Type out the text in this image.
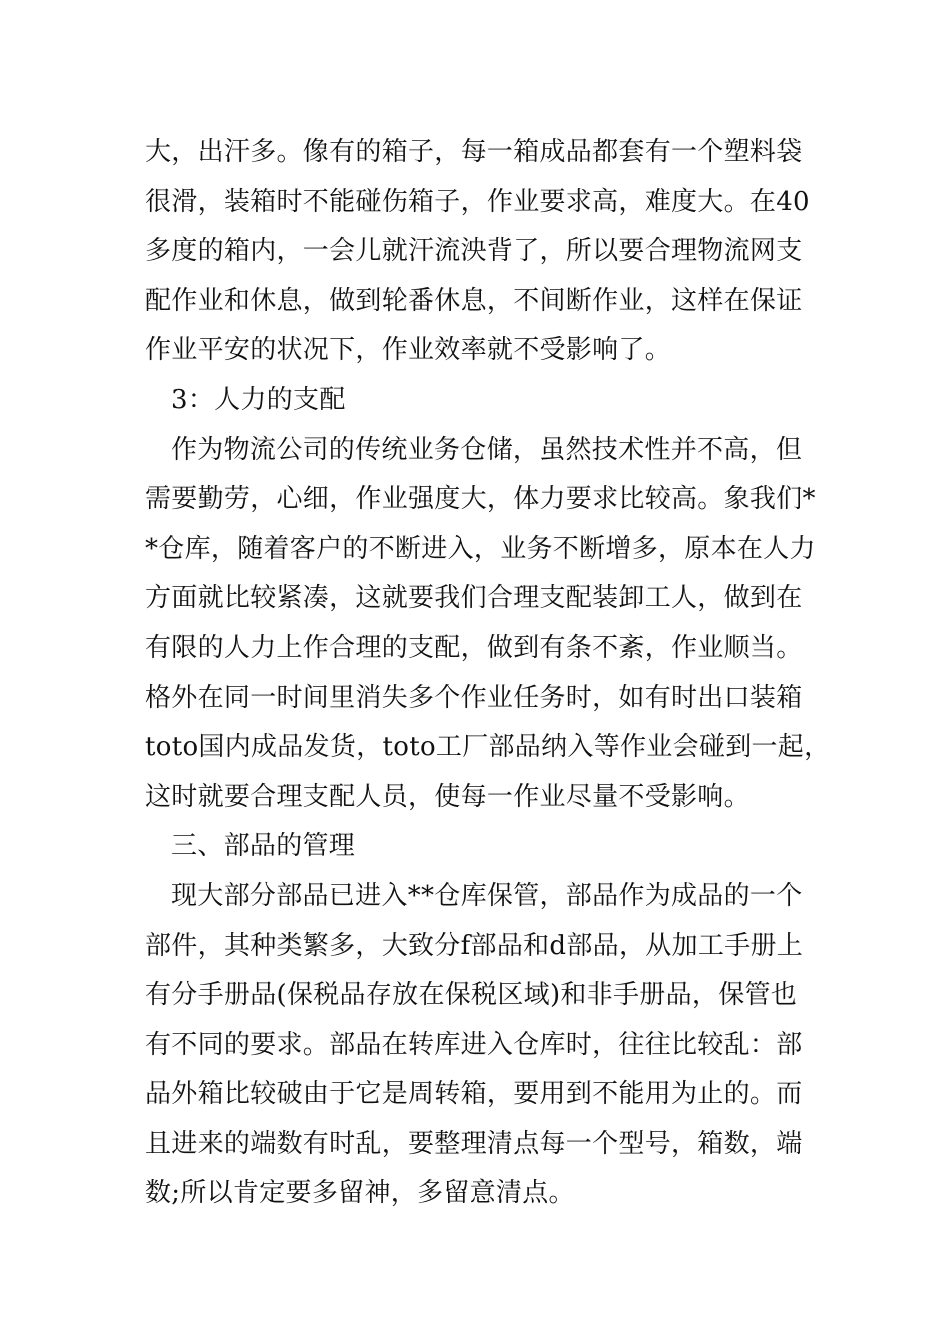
大，出汗多。像有的箱子，每一箱成品都套有一个塑料袋
很滑，装箱时不能碰伤箱子，作业要求高，难度大。在40
多度的箱内，一会儿就汗流泱背了，所以要合理物流网支
配作业和休息，做到轮番休息，不间断作业，这样在保证
作业平安的状况下，作业效率就不受影响了。
3：人力的支配
作为物流公司的传统业务仓储，虽然技术性并不高，但
需要勤劳，心细，作业强度大，体力要求比较高。象我们*
*仓库，随着客户的不断进入，业务不断增多，原本在人力
方面就比较紧凑，这就要我们合理支配装卸工人，做到在
有限的人力上作合理的支配，做到有条不紊，作业顺当。
格外在同一时间里消失多个作业任务时，如有时出口装箱
toto国内成品发货，toto工厂部品纳入等作业会碰到一起，
这时就要合理支配人员，使每一作业尽量不受影响。
三、部品的管理
现大部分部品已进入**仓库保管，部品作为成品的一个
部件，其种类繁多，大致分f部品和d部品，从加工手册上
有分手册品(保税品存放在保税区域)和非手册品，保管也
有不同的要求。部品在转库进入仓库时，往往比较乱：部
品外箱比较破由于它是周转箱，要用到不能用为止的。而
且进来的端数有时乱，要整理清点每一个型号，箱数，端
数;所以肯定要多留神，多留意清点。
